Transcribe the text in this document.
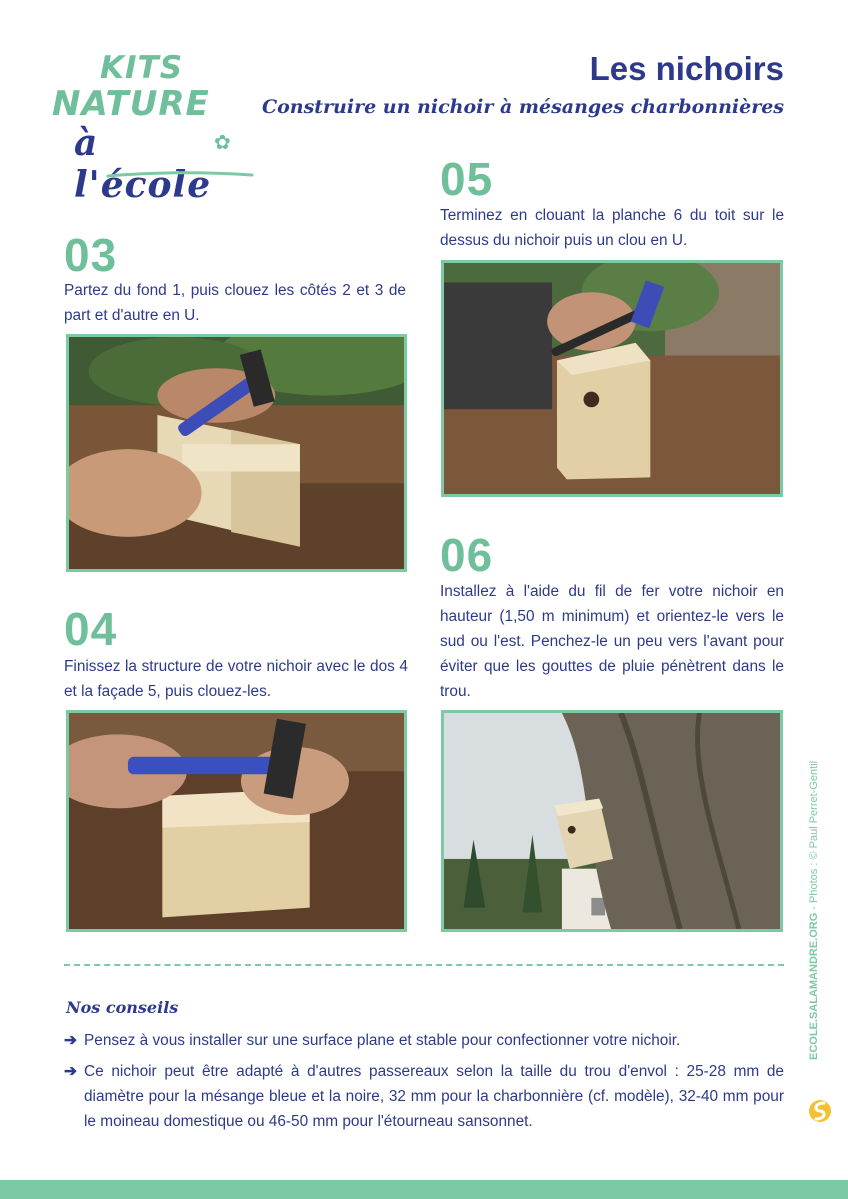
KITS
NATURE
à l'école
✿
Les nichoirs
Construire un nichoir à mésanges charbonnières
03
Partez du fond 1, puis clouez les côtés 2 et 3 de part et d'autre en U.
04
Finissez la structure de votre nichoir avec le dos 4 et la façade 5, puis clouez-les.
05
Terminez en clouant la planche 6 du toit sur le dessus du nichoir puis un clou en U.
06
Installez à l'aide du fil de fer votre nichoir en hauteur (1,50 m minimum) et orientez-le vers le sud ou l'est. Penchez-le un peu vers l'avant pour éviter que les gouttes de pluie pénètrent dans le trou.
Nos conseils
➔ Pensez à vous installer sur une surface plane et stable pour confectionner votre nichoir.
➔ Ce nichoir peut être adapté à d'autres passereaux selon la taille du trou d'envol : 25-28 mm de diamètre pour la mésange bleue et la noire, 32 mm pour la charbonnière (cf. modèle), 32-40 mm pour le moineau domestique ou 46-50 mm pour l'étourneau sansonnet.
ECOLE.SALAMANDRE.ORG - Photos : © Paul Perret-Gentil
